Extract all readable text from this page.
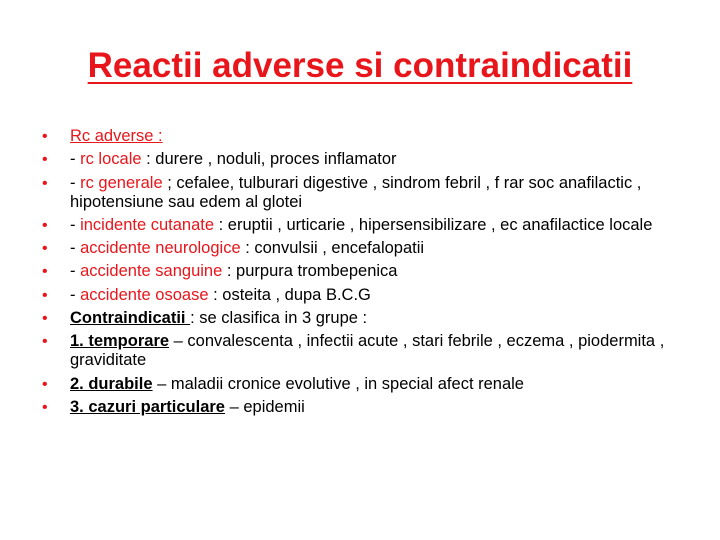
Reactii adverse si contraindicatii
• Rc adverse :
• - rc locale : durere , noduli, proces inflamator
• - rc generale ; cefalee, tulburari digestive , sindrom febril , f rar soc anafilactic , hipotensiune sau edem al glotei
• - incidente cutanate : eruptii , urticarie , hipersensibilizare , ec anafilactice locale
• - accidente neurologice : convulsii , encefalopatii
• - accidente sanguine : purpura trombepenica
• - accidente osoase : osteita , dupa B.C.G
• Contraindicatii : se clasifica in 3 grupe :
• 1. temporare – convalescenta , infectii acute , stari febrile , eczema , piodermita , graviditate
• 2. durabile – maladii cronice evolutive , in special afect renale
• 3. cazuri particulare – epidemii
